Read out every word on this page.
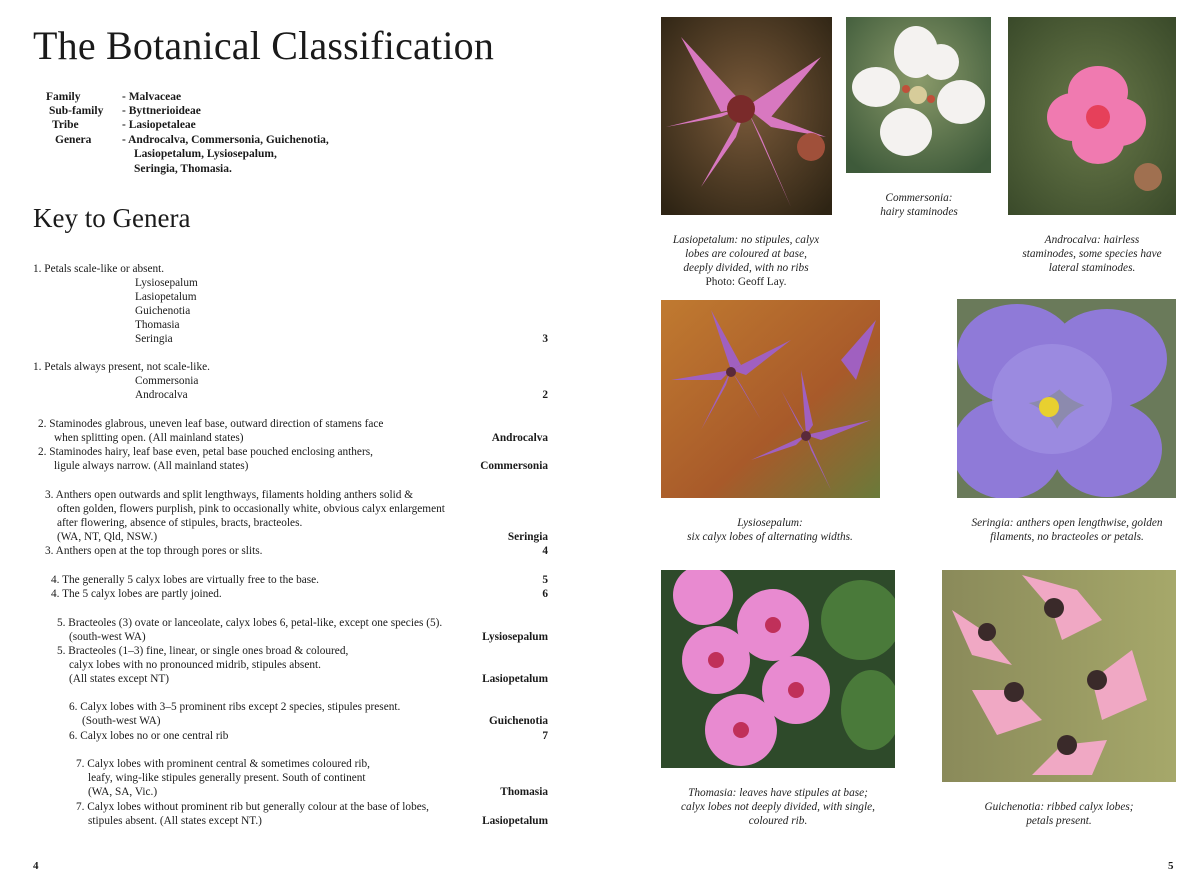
The Botanical Classification
Family	- Malvaceae
Sub-family - Byttnerioideae
Tribe	- Lasiopetaleae
Genera	- Androcalva, Commersonia, Guichenotia,
Lasiopetalum, Lysiosepalum,
Seringia, Thomasia.
Key to Genera
1. Petals scale-like or absent.
Lysiosepalum
Lasiopetalum
Guichenotia
Thomasia
Seringia	3
1. Petals always present, not scale-like.
Commersonia
Androcalva	2
2. Staminodes glabrous, uneven leaf base, outward direction of stamens face
when splitting open. (All mainland states)	Androcalva
2. Staminodes hairy, leaf base even, petal base pouched enclosing anthers,
ligule always narrow. (All mainland states)	Commersonia
3. Anthers open outwards and split lengthways, filaments holding anthers solid &
often golden, flowers purplish, pink to occasionally white, obvious calyx enlargement
after flowering, absence of stipules, bracts, bracteoles.
(WA, NT, Qld, NSW.)	Seringia
3. Anthers open at the top through pores or slits.	4
4. The generally 5 calyx lobes are virtually free to the base.	5
4. The 5 calyx lobes are partly joined.	6
5. Bracteoles (3) ovate or lanceolate, calyx lobes 6, petal-like, except one species (5).
(south-west WA)	Lysiosepalum
5. Bracteoles (1–3) fine, linear, or single ones broad & coloured,
calyx lobes with no pronounced midrib, stipules absent.
(All states except NT)	Lasiopetalum
6. Calyx lobes with 3–5 prominent ribs except 2 species, stipules present.
(South-west WA)	Guichenotia
6. Calyx lobes no or one central rib	7
7. Calyx lobes with prominent central & sometimes coloured rib,
leafy, wing-like stipules generally present. South of continent
(WA, SA, Vic.)	Thomasia
7. Calyx lobes without prominent rib but generally colour at the base of lobes,
stipules absent. (All states except NT.)	Lasiopetalum
4
Lasiopetalum: no stipules, calyx
lobes are coloured at base,
deeply divided, with no ribs
Photo: Geoff Lay.
Commersonia:
hairy staminodes
Androcalva: hairless
staminodes, some species have
lateral staminodes.
Lysiosepalum:
six calyx lobes of alternating widths.
Seringia: anthers open lengthwise, golden
filaments, no bracteoles or petals.
Thomasia: leaves have stipules at base;
calyx lobes not deeply divided, with single,
coloured rib.
Guichenotia: ribbed calyx lobes;
petals present.
5
